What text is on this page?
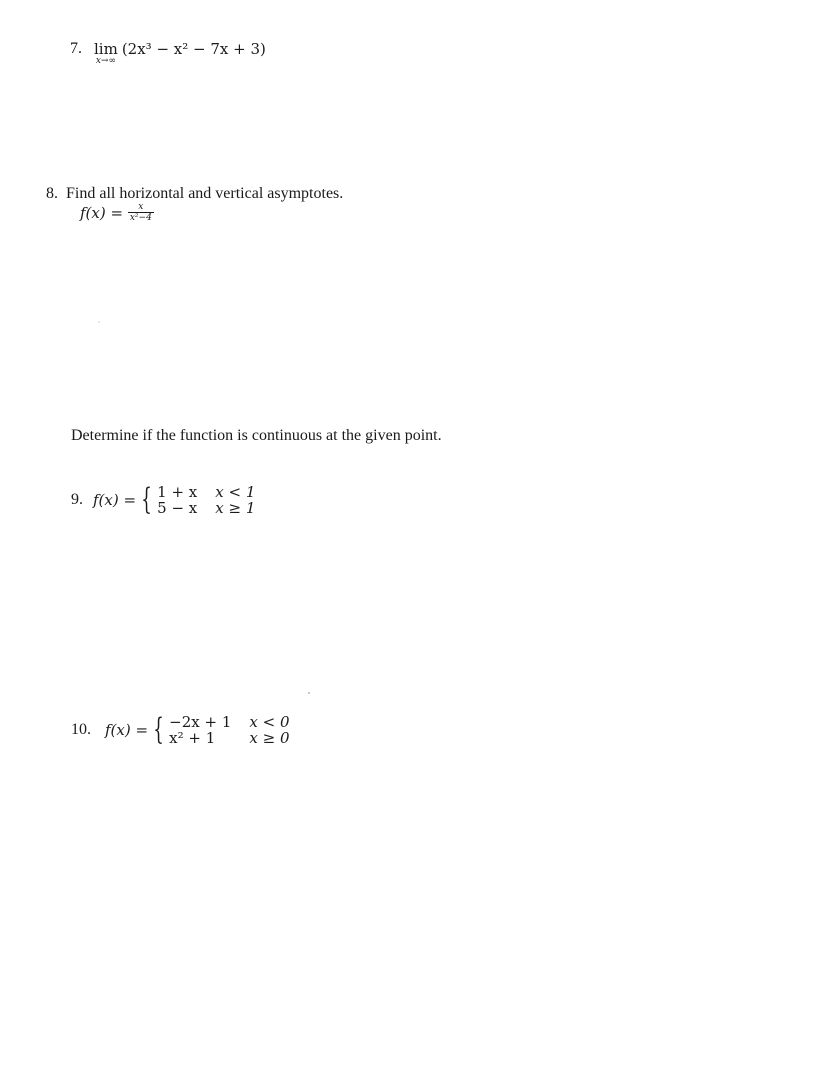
7. lim
x→∞
(2x³ − x² − 7x + 3)
8. Find all horizontal and vertical asymptotes.
$f(x) = \frac{x}{\text{x²−4}}$
Determine if the function is continuous at the given point.
9. f(x) = { 1 + x	x < 1
5 − x	x ≥ 1
10. f(x) = { −2x + 1	x < 0
x² + 1	x ≥ 0
